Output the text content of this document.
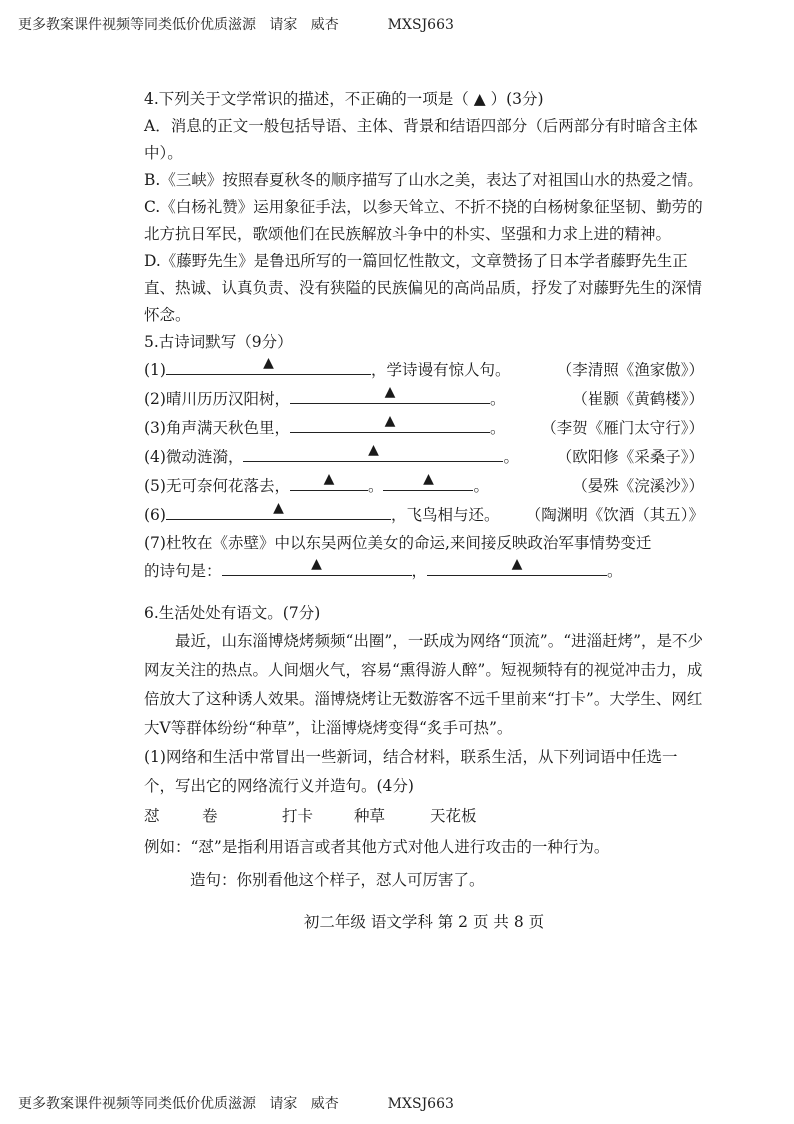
更多教案课件视频等同类低价优质滋源 请家 威杏	MXSJ663
4.下列关于文学常识的描述，不正确的一项是（ ▲ ）(3分)
A．消息的正文一般包括导语、主体、背景和结语四部分（后两部分有时暗含主体中）。
B.《三峡》按照春夏秋冬的顺序描写了山水之美，表达了对祖国山水的热爱之情。
C.《白杨礼赞》运用象征手法，以参天耸立、不折不挠的白杨树象征坚韧、勤劳的北方抗日军民，歌颂他们在民族解放斗争中的朴实、坚强和力求上进的精神。
D.《藤野先生》是鲁迅所写的一篇回忆性散文，文章赞扬了日本学者藤野先生正直、热诚、认真负责、没有狭隘的民族偏见的高尚品质，抒发了对藤野先生的深情怀念。
5.古诗词默写（9分）
(1)	▲	，学诗谩有惊人句。	（李清照《渔家傲》）
(2)晴川历历汉阳树，	▲	。	（崔颢《黄鹤楼》）
(3)角声满天秋色里，	▲	。 （李贺《雁门太守行》）
(4)微动涟漪，	▲	。 （欧阳修《采桑子》）
(5)无可奈何花落去， ▲ 。	▲	。	（晏殊《浣溪沙》）
(6)	▲	，飞鸟相与还。 （陶渊明《饮酒（其五）》
(7)杜牧在《赤壁》中以东吴两位美女的命运,来间接反映政治军事情势变迁
的诗句是：	▲	，	▲	。
6.生活处处有语文。(7分)
最近，山东淄博烧烤频频“出圈”，一跃成为网络“顶流”。“进淄赶烤”，是不少网友关注的热点。人间烟火气，容易“熏得游人醉”。短视频特有的视觉冲击力，成倍放大了这种诱人效果。淄博烧烤让无数游客不远千里前来“打卡”。大学生、网红大V等群体纷纷“种草”，让淄博烧烤变得“炙手可热”。
(1)网络和生活中常冒出一些新词，结合材料，联系生活，从下列词语中任选一个，写出它的网络流行义并造句。(4分)
怼	卷	打卡	种草	天花板
例如：“怼”是指利用语言或者其他方式对他人进行攻击的一种行为。
造句：你别看他这个样子，怼人可厉害了。
初二年级 语文学科 第 2 页 共 8 页
更多教案课件视频等同类低价优质滋源 请家 威杏	MXSJ663
